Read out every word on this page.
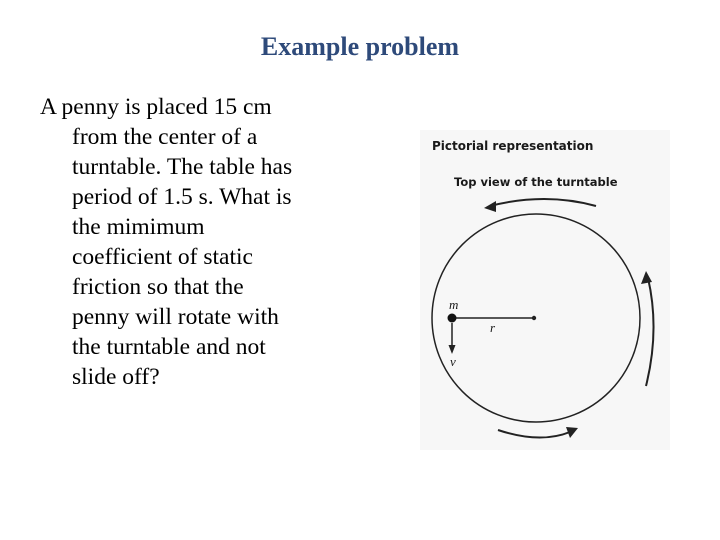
Example problem
A penny is placed 15 cm
from the center of a
turntable. The table has
period of 1.5 s. What is
the mimimum
coefficient of static
friction so that the
penny will rotate with
the turntable and not
slide off?
Pictorial representation
Top view of the turntable
m
r
v
